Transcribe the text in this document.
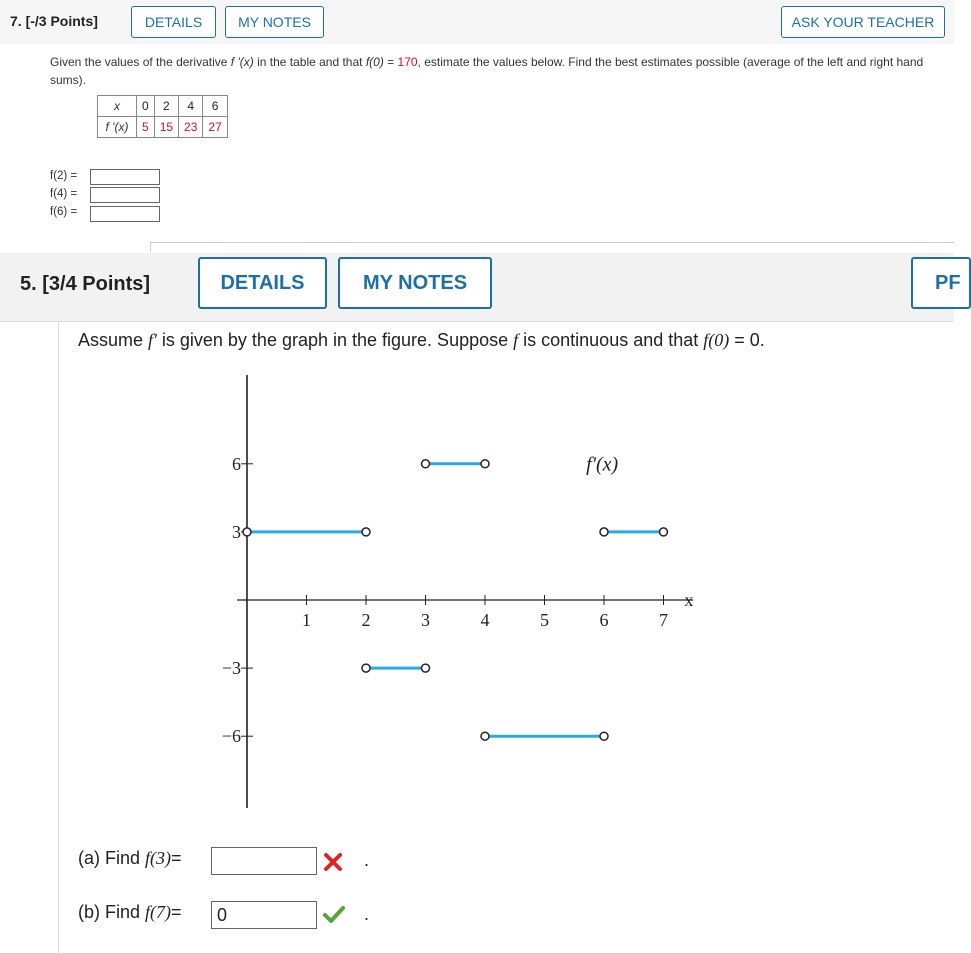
7. [-/3 Points]	DETAILS	MY NOTES	ASK YOUR TEACHER
Given the values of the derivative f '(x) in the table and that f(0) = 170, estimate the values below. Find the best estimates possible (average of the left and right hand sums).
x	0	2	4	6
f '(x)	5	15	23	27
f(2) =
f(4) =
f(6) =
5. [3/4 Points]	DETAILS	MY NOTES	PF
Assume f' is given by the graph in the figure. Suppose f is continuous and that f(0) = 0.
1	2	3	4	5	6	7
−6
−3
3
6	f'(x)
x
(a) Find f(3)=	.
(b) Find f(7)=
0	.
